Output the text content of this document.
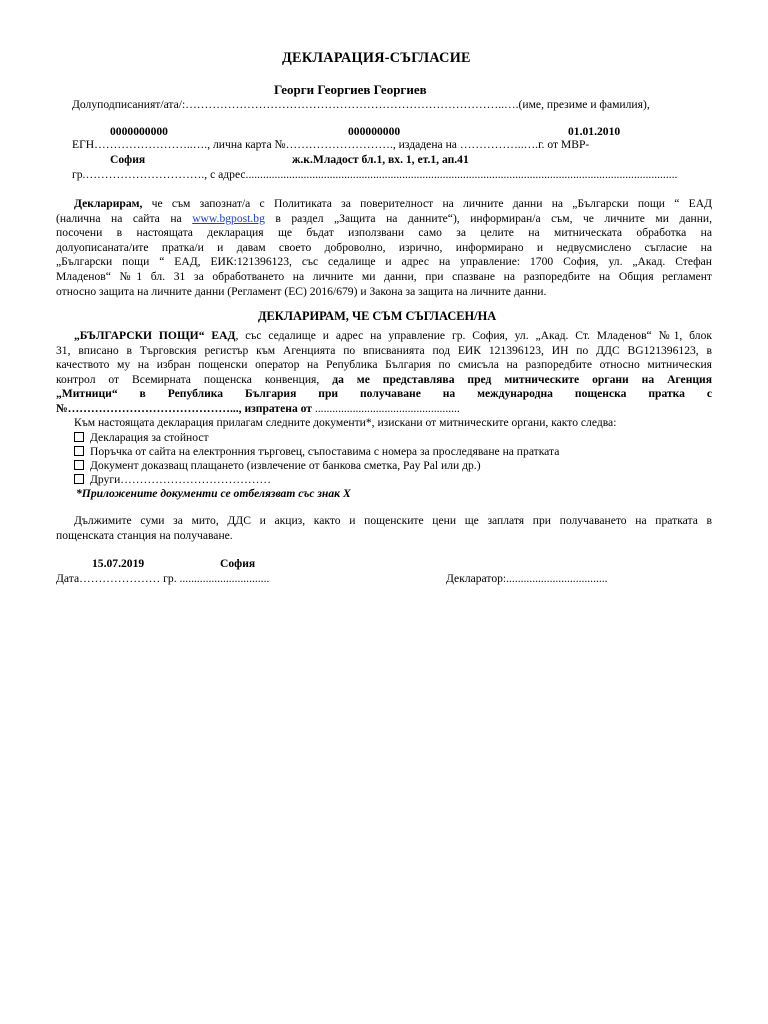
ДЕКЛАРАЦИЯ-СЪГЛАСИЕ
Георги Георгиев Георгиев
Долуподписаният/ата/:………………………………………………………………………..….(име, презиме и фамилия),
0000000000	000000000	01.01.2010
ЕГН……………………..…., лична карта №………………………., издадена на ……………..….г. от МВР-
София	ж.к.Младост бл.1, вх. 1, ет.1, ап.41
гр.…………………………., с адрес.....................................................................................................................................................
Декларирам, че съм запознат/а с Политиката за поверителност на личните данни на „Български пощи “ ЕАД
(налична на сайта на www.bgpost.bg в раздел „Защита на данните“), информиран/а съм, че личните ми данни,
посочени в настоящата декларация ще бъдат използвани само за целите на митническата обработка на
долуописаната/ите пратка/и и давам своето доброволно, изрично, информирано и недвусмислено съгласие на
„Български пощи “ ЕАД, ЕИК:121396123, със седалище и адрес на управление: 1700 София, ул. „Акад. Стефан
Младенов“ №1 бл. 31 за обработването на личните ми данни, при спазване на разпоредбите на Общия регламент
относно защита на личните данни (Регламент (ЕС) 2016/679) и Закона за защита на личните данни.
ДЕКЛАРИРАМ, ЧЕ СЪМ СЪГЛАСЕН/НА
„БЪЛГАРСКИ ПОЩИ“ ЕАД, със седалище и адрес на управление гр. София, ул. „Акад. Ст. Младенов“ №1, блок
31, вписано в Търговския регистър към Агенцията по вписванията под ЕИК 121396123, ИН по ДДС BG121396123, в
качеството му на избран пощенски оператор на Република България по смисъла на разпоредбите относно митническия
контрол от Всемирната пощенска конвенция, да ме представлява пред митническите органи на Агенция
„Митници“ в Република България при получаване на международна пощенска пратка с
№……………………………………..., изпратена от ..................................................
Към настоящата декларация прилагам следните документи*, изискани от митническите органи, както следва:
Декларация за стойност
Поръчка от сайта на електронния търговец, съпоставима с номера за проследяване на пратката
Документ доказващ плащането (извлечение от банкова сметка, Pay Pal или др.)
Други…………………………………
*Приложените документи се отбелязват със знак Х
Дължимите суми за мито, ДДС и акциз, както и пощенските цени ще заплатя при получаването на пратката в
пощенската станция на получаване.
15.07.2019	София
Дата………………… гр. ...............................	Декларатор:...................................
